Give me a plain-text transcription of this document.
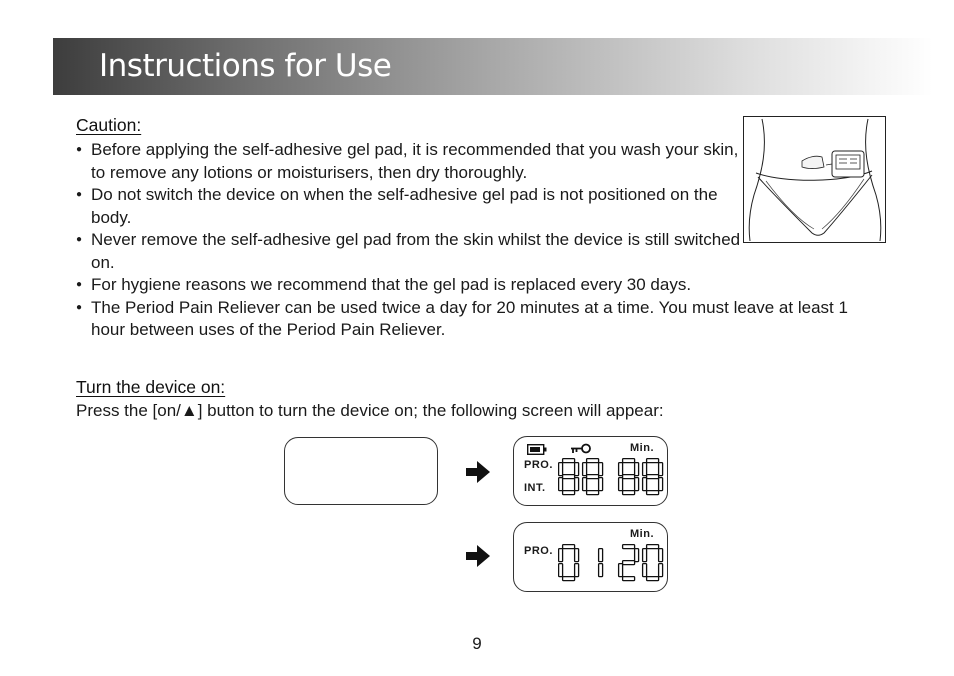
Instructions for Use
Caution:
● Before applying the self-adhesive gel pad, it is recommended that you wash your skin, to remove any lotions or moisturisers, then dry thoroughly.
● Do not switch the device on when the self-adhesive gel pad is not positioned on the body.
● Never remove the self-adhesive gel pad from the skin whilst the device is still switched on.
● For hygiene reasons we recommend that the gel pad is replaced every 30 days.
● The Period Pain Reliever can be used twice a day for 20 minutes at a time. You must leave at least 1 hour between uses of the Period Pain Reliever.
Turn the device on:

Press the [on/▲] button to turn the device on; the following screen will appear:

Min.
PRO.
INT.
Min.
PRO.
9
